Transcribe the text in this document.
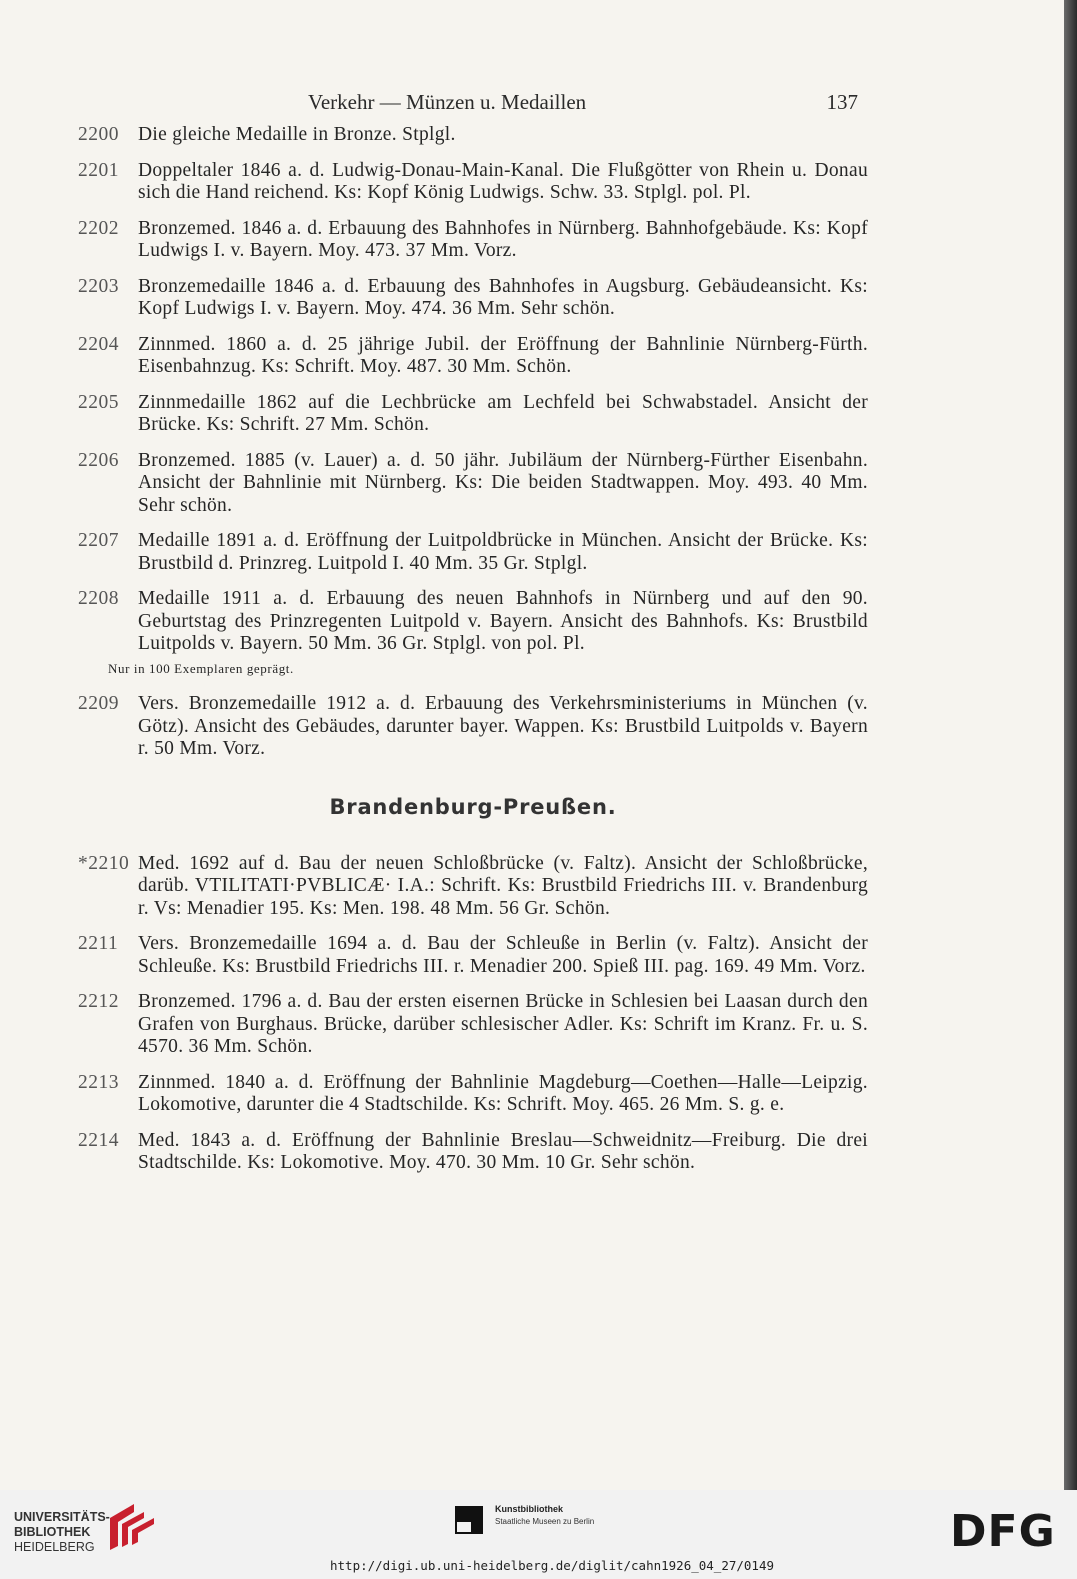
Verkehr — Münzen u. Medaillen	137
2200 Die gleiche Medaille in Bronze. Stplgl.
2201 Doppeltaler 1846 a. d. Ludwig-Donau-Main-Kanal. Die Flußgötter von Rhein u. Donau sich die Hand reichend. Ks: Kopf König Ludwigs. Schw. 33. Stplgl. pol. Pl.
2202 Bronzemed. 1846 a. d. Erbauung des Bahnhofes in Nürnberg. Bahnhofgebäude. Ks: Kopf Ludwigs I. v. Bayern. Moy. 473. 37 Mm. Vorz.
2203 Bronzemedaille 1846 a. d. Erbauung des Bahnhofes in Augsburg. Gebäudeansicht. Ks: Kopf Ludwigs I. v. Bayern. Moy. 474. 36 Mm. Sehr schön.
2204 Zinnmed. 1860 a. d. 25 jährige Jubil. der Eröffnung der Bahnlinie Nürnberg-Fürth. Eisenbahnzug. Ks: Schrift. Moy. 487. 30 Mm. Schön.
2205 Zinnmedaille 1862 auf die Lechbrücke am Lechfeld bei Schwabstadel. Ansicht der Brücke. Ks: Schrift. 27 Mm. Schön.
2206 Bronzemed. 1885 (v. Lauer) a. d. 50 jähr. Jubiläum der Nürnberg-Fürther Eisenbahn. Ansicht der Bahnlinie mit Nürnberg. Ks: Die beiden Stadtwappen. Moy. 493. 40 Mm. Sehr schön.
2207 Medaille 1891 a. d. Eröffnung der Luitpoldbrücke in München. Ansicht der Brücke. Ks: Brustbild d. Prinzreg. Luitpold I. 40 Mm. 35 Gr. Stplgl.
2208 Medaille 1911 a. d. Erbauung des neuen Bahnhofs in Nürnberg und auf den 90. Geburtstag des Prinzregenten Luitpold v. Bayern. Ansicht des Bahnhofs. Ks: Brustbild Luitpolds v. Bayern. 50 Mm. 36 Gr. Stplgl. von pol. Pl.
Nur in 100 Exemplaren geprägt.
2209 Vers. Bronzemedaille 1912 a. d. Erbauung des Verkehrsministeriums in München (v. Götz). Ansicht des Gebäudes, darunter bayer. Wappen. Ks: Brustbild Luitpolds v. Bayern r. 50 Mm. Vorz.
Brandenburg-Preußen.
*2210 Med. 1692 auf d. Bau der neuen Schloßbrücke (v. Faltz). Ansicht der Schloßbrücke, darüb. VTILITATI·PVBLICÆ· I.A.: Schrift. Ks: Brustbild Friedrichs III. v. Brandenburg r. Vs: Menadier 195. Ks: Men. 198. 48 Mm. 56 Gr. Schön.
2211	Vers. Bronzemedaille 1694 a. d. Bau der Schleuße in Berlin (v. Faltz). Ansicht der Schleuße. Ks: Brustbild Friedrichs III. r. Menadier 200. Spieß III. pag. 169. 49 Mm. Vorz.
2212 Bronzemed. 1796 a. d. Bau der ersten eisernen Brücke in Schlesien bei Laasan durch den Grafen von Burghaus. Brücke, darüber schlesischer Adler. Ks: Schrift im Kranz. Fr. u. S. 4570. 36 Mm. Schön.
2213 Zinnmed. 1840 a. d. Eröffnung der Bahnlinie Magdeburg—Coethen—Halle—Leipzig. Lokomotive, darunter die 4 Stadtschilde. Ks: Schrift. Moy. 465. 26 Mm. S. g. e.
2214 Med. 1843 a. d. Eröffnung der Bahnlinie Breslau—Schweidnitz—Freiburg. Die drei Stadtschilde. Ks: Lokomotive. Moy. 470. 30 Mm. 10 Gr. Sehr schön.
UNIVERSITÄTS-
BIBLIOTHEK
HEIDELBERG
Kunstbibliothek
Staatliche Museen zu Berlin	DFG
http://digi.ub.uni-heidelberg.de/diglit/cahn1926_04_27/0149
